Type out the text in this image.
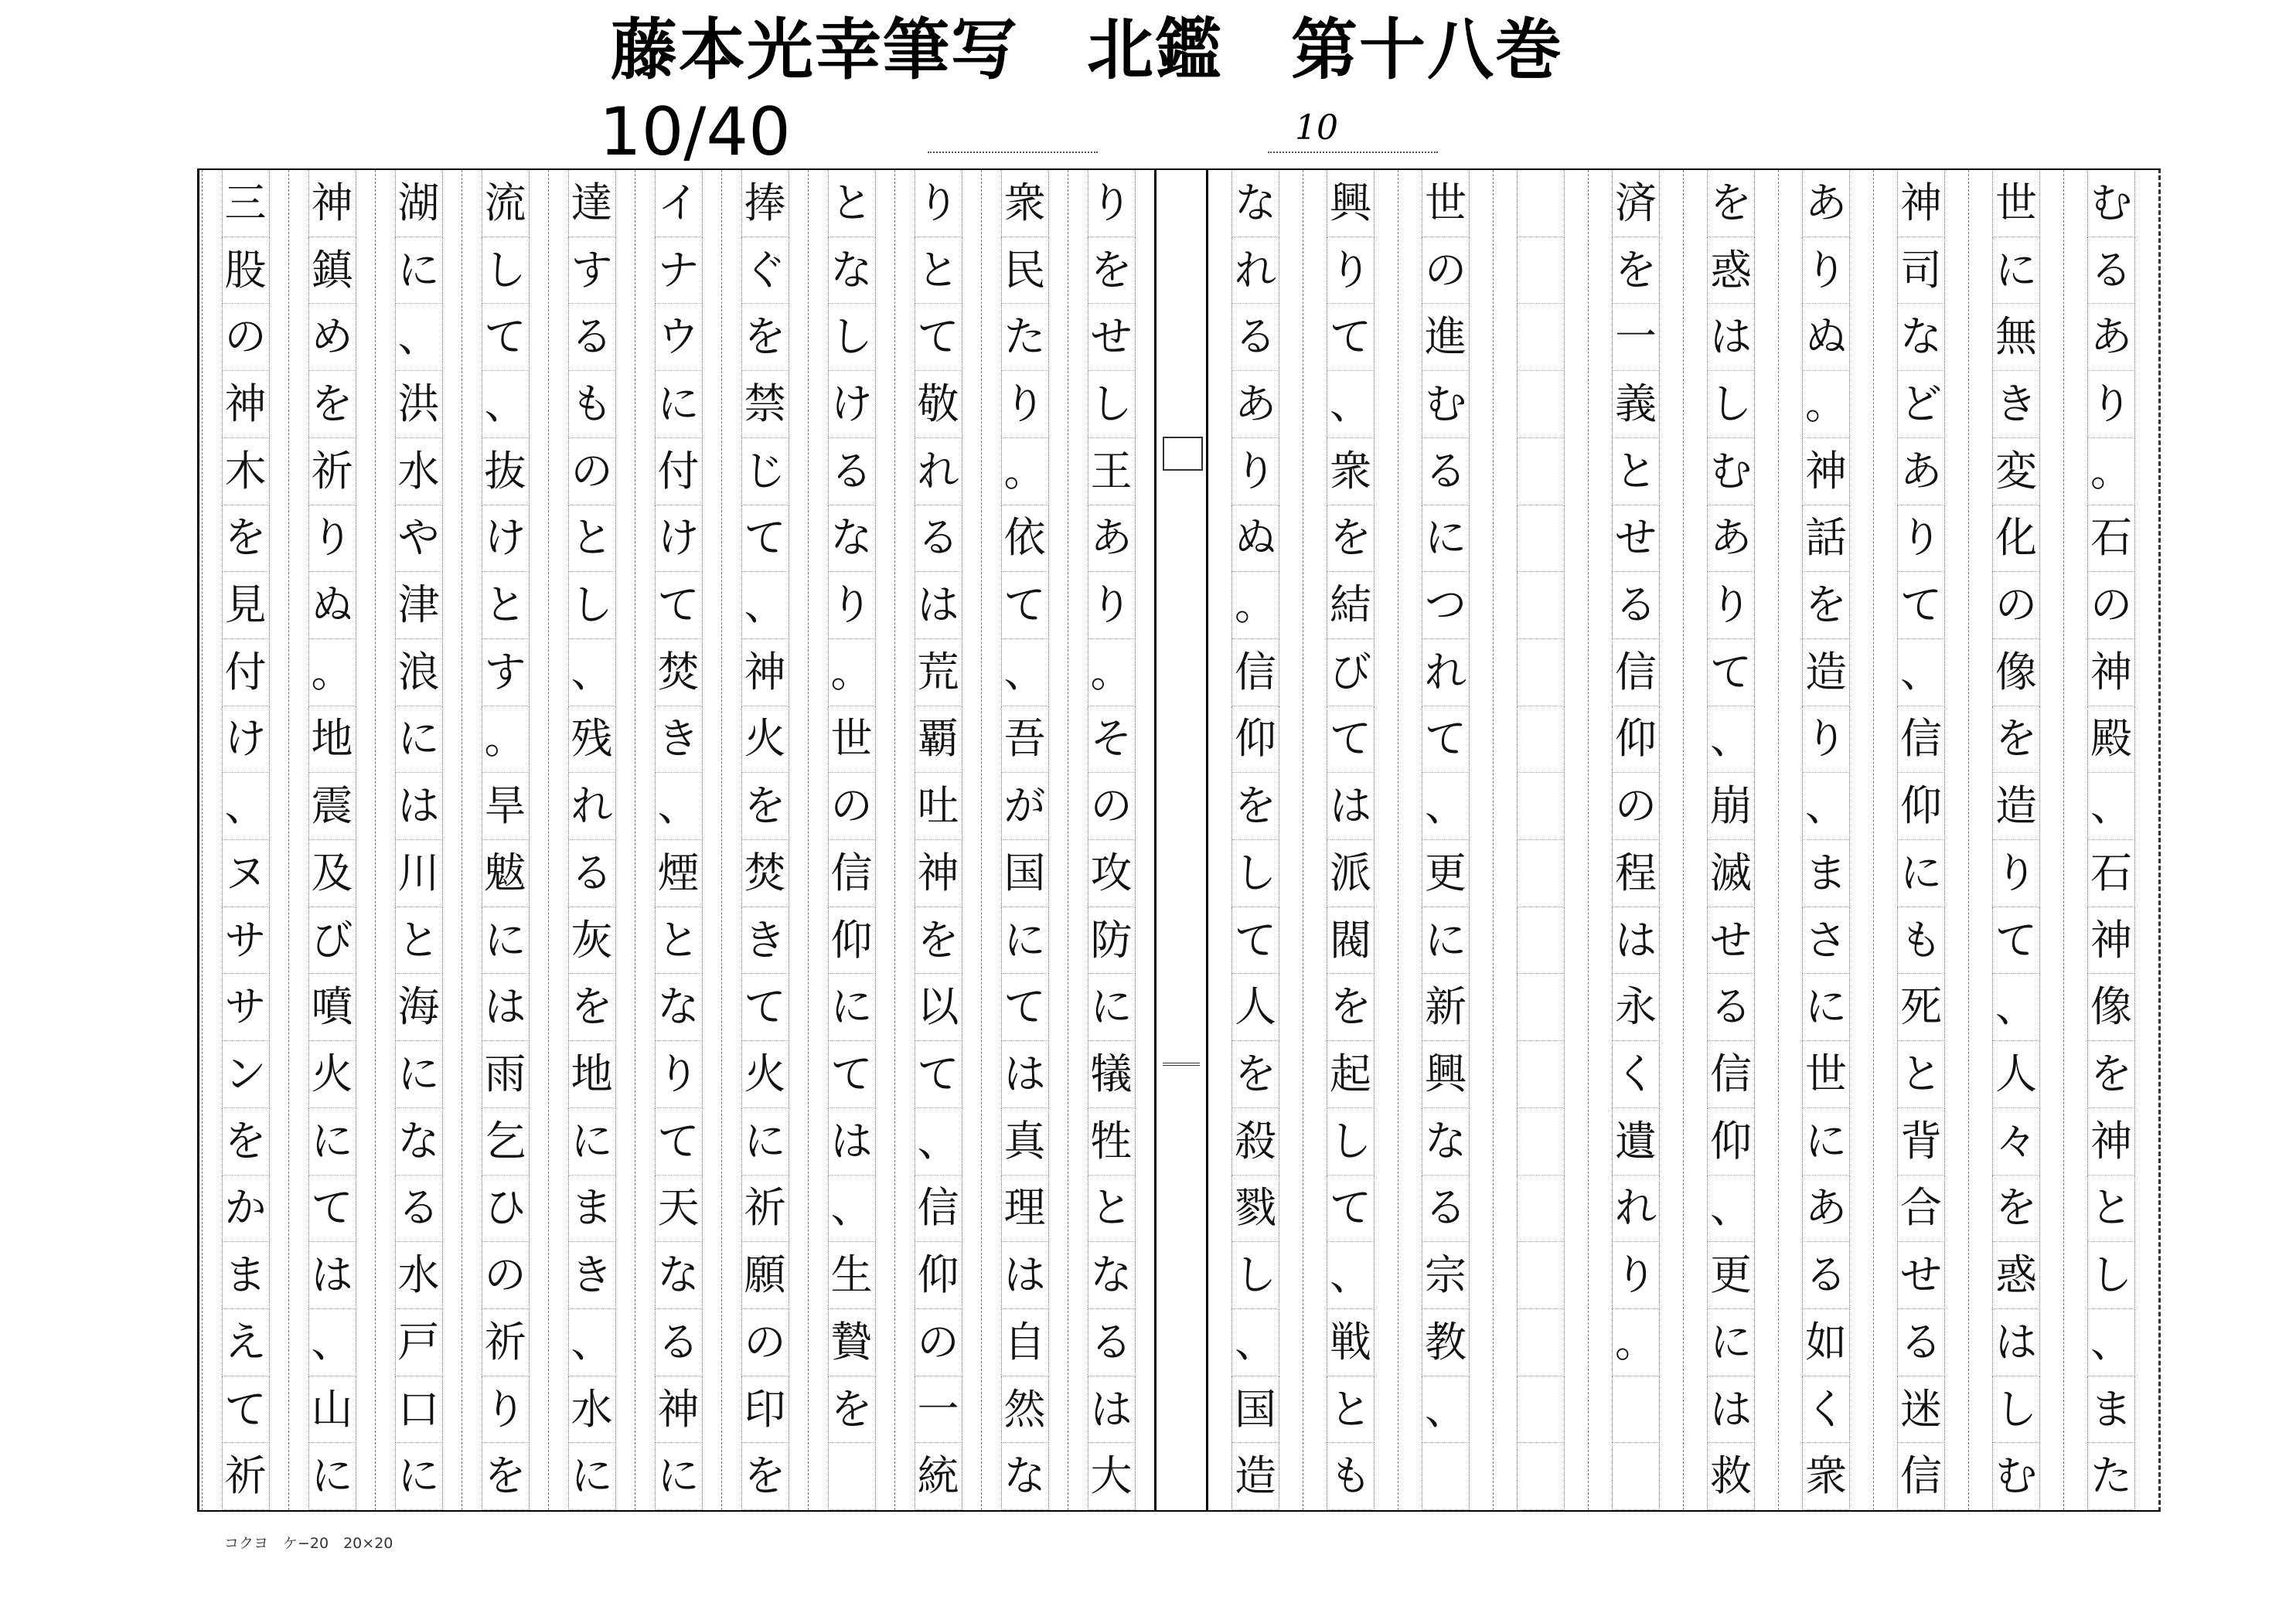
藤本光幸筆写　北鑑　第十八巻
10/40	10
む
る
あ
り
。
石
の
神
殿
、
石
神
像
を
神
と
し
、
ま
た
世
に
無
き
変
化
の
像
を
造
り
て
、
人
々
を
惑
は
し
む
神
司
な
ど
あ
り
て
、
信
仰
に
も
死
と
背
合
せ
る
迷
信
あ
り
ぬ
。
神
話
を
造
り
、
ま
さ
に
世
に
あ
る
如
く
衆
を
惑
は
し
む
あ
り
て
、
崩
滅
せ
る
信
仰
、
更
に
は
救
済
を
一
義
と
せ
る
信
仰
の
程
は
永
く
遺
れ
り
。
世
の
進
む
る
に
つ
れ
て
、
更
に
新
興
な
る
宗
教
、
興
り
て
、
衆
を
結
び
て
は
派
閥
を
起
し
て
、
戦
と
も
な
れ
る
あ
り
ぬ
。
信
仰
を
し
て
人
を
殺
戮
し
、
国
造
り
を
せ
し
王
あ
り
。
そ
の
攻
防
に
犠
牲
と
な
る
は
大
衆
民
た
り
。
依
て
、
吾
が
国
に
て
は
真
理
は
自
然
な
り
と
て
敬
れ
る
は
荒
覇
吐
神
を
以
て
、
信
仰
の
一
統
と
な
し
け
る
な
り
。
世
の
信
仰
に
て
は
、
生
贄
を
捧
ぐ
を
禁
じ
て
、
神
火
を
焚
き
て
火
に
祈
願
の
印
を
イ
ナ
ウ
に
付
け
て
焚
き
、
煙
と
な
り
て
天
な
る
神
に
達
す
る
も
の
と
し
、
残
れ
る
灰
を
地
に
ま
き
、
水
に
流
し
て
、
抜
け
と
す
。
旱
魃
に
は
雨
乞
ひ
の
祈
り
を
湖
に
、
洪
水
や
津
浪
に
は
川
と
海
に
な
る
水
戸
口
に
神
鎮
め
を
祈
り
ぬ
。
地
震
及
び
噴
火
に
て
は
、
山
に
三
股
の
神
木
を
見
付
け
、
ヌ
サ
サ
ン
を
か
ま
え
て
祈
コクヨ　ケ−20　20×20
